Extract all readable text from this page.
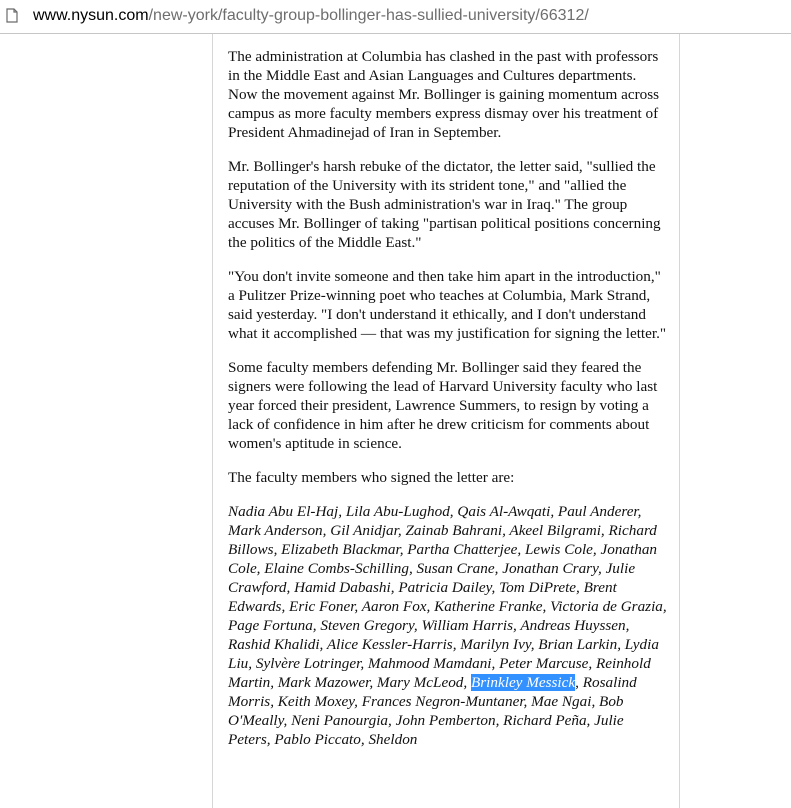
www.nysun.com/new-york/faculty-group-bollinger-has-sullied-university/66312/

The administration at Columbia has clashed in the past with professors in the Middle East and Asian Languages and Cultures departments. Now the movement against Mr. Bollinger is gaining momentum across campus as more faculty members express dismay over his treatment of President Ahmadinejad of Iran in September.

Mr. Bollinger's harsh rebuke of the dictator, the letter said, "sullied the reputation of the University with its strident tone," and "allied the University with the Bush administration's war in Iraq." The group accuses Mr. Bollinger of taking "partisan political positions concerning the politics of the Middle East."

"You don't invite someone and then take him apart in the introduction," a Pulitzer Prize-winning poet who teaches at Columbia, Mark Strand, said yesterday. "I don't understand it ethically, and I don't understand what it accomplished — that was my justification for signing the letter."

Some faculty members defending Mr. Bollinger said they feared the signers were following the lead of Harvard University faculty who last year forced their president, Lawrence Summers, to resign by voting a lack of confidence in him after he drew criticism for comments about women's aptitude in science.

The faculty members who signed the letter are:

Nadia Abu El-Haj, Lila Abu-Lughod, Qais Al-Awqati, Paul Anderer, Mark Anderson, Gil Anidjar, Zainab Bahrani, Akeel Bilgrami, Richard Billows, Elizabeth Blackmar, Partha Chatterjee, Lewis Cole, Jonathan Cole, Elaine Combs-Schilling, Susan Crane, Jonathan Crary, Julie Crawford, Hamid Dabashi, Patricia Dailey, Tom DiPrete, Brent Edwards, Eric Foner, Aaron Fox, Katherine Franke, Victoria de Grazia, Page Fortuna, Steven Gregory, William Harris, Andreas Huyssen, Rashid Khalidi, Alice Kessler-Harris, Marilyn Ivy, Brian Larkin, Lydia Liu, Sylvère Lotringer, Mahmood Mamdani, Peter Marcuse, Reinhold Martin, Mark Mazower, Mary McLeod, Brinkley Messick, Rosalind Morris, Keith Moxey, Frances Negron-Muntaner, Mae Ngai, Bob O'Meally, Neni Panourgia, John Pemberton, Richard Peña, Julie Peters, Pablo Piccato, Sheldon
